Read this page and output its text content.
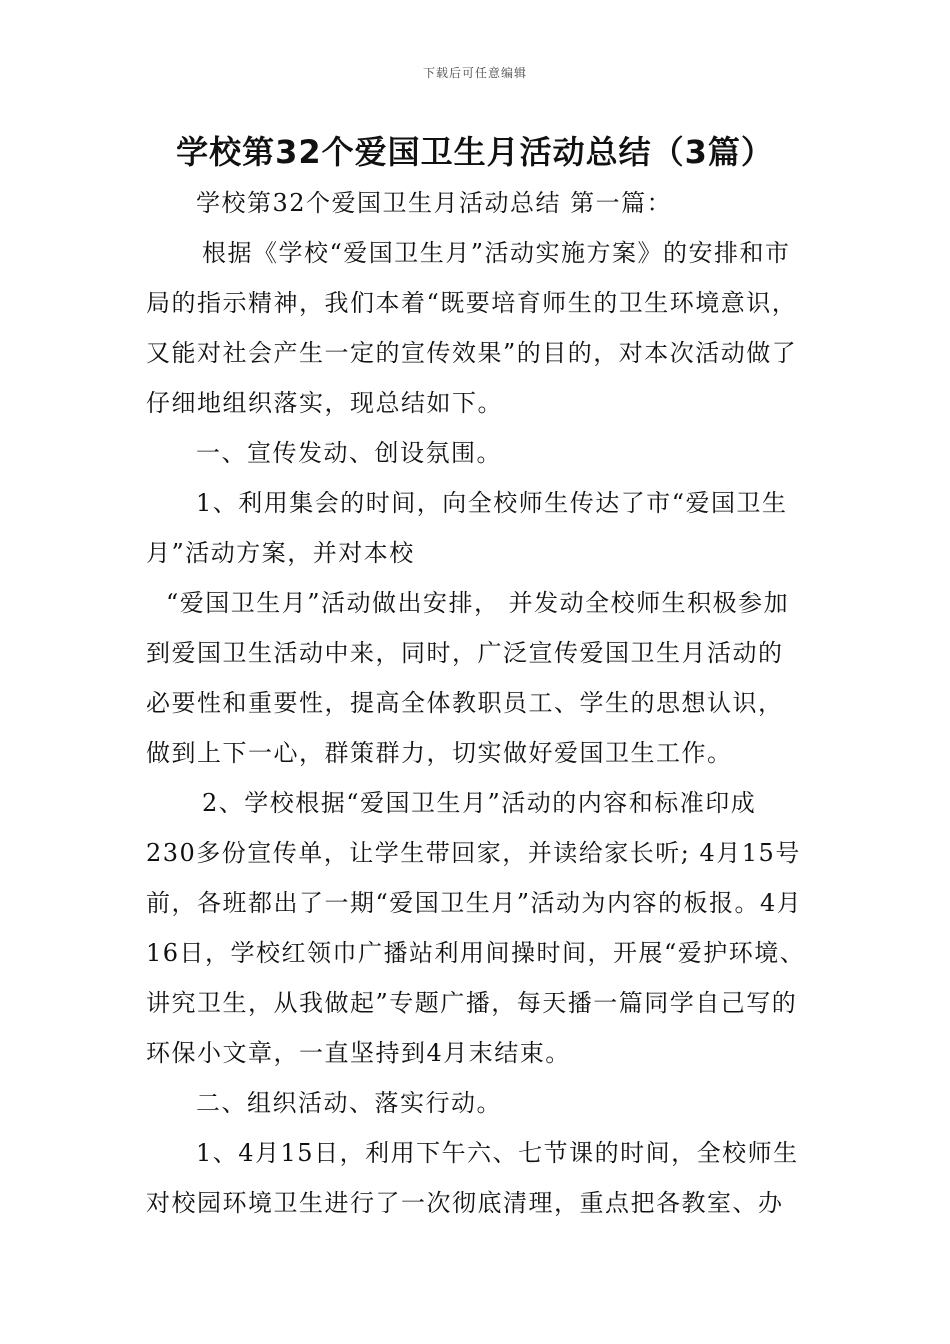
下载后可任意编辑
学校第32个爱国卫生月活动总结（3篇）

学校第32个爱国卫生月活动总结 第一篇：

根据《学校“爱国卫生月”活动实施方案》的安排和市局的指示精神，我们本着“既要培育师生的卫生环境意识，又能对社会产生一定的宣传效果”的目的，对本次活动做了仔细地组织落实，现总结如下。

一、宣传发动、创设氛围。

1、利用集会的时间，向全校师生传达了市“爱国卫生月”活动方案，并对本校

“爱国卫生月”活动做出安排， 并发动全校师生积极参加到爱国卫生活动中来，同时，广泛宣传爱国卫生月活动的必要性和重要性，提高全体教职员工、学生的思想认识，做到上下一心，群策群力，切实做好爱国卫生工作。

2、学校根据“爱国卫生月”活动的内容和标准印成230多份宣传单，让学生带回家，并读给家长听; 4月15号前，各班都出了一期“爱国卫生月”活动为内容的板报。4月16日，学校红领巾广播站利用间操时间，开展“爱护环境、讲究卫生，从我做起”专题广播，每天播一篇同学自己写的环保小文章，一直坚持到4月末结束。

二、组织活动、落实行动。

1、4月15日，利用下午六、七节课的时间，全校师生对校园环境卫生进行了一次彻底清理，重点把各教室、办
